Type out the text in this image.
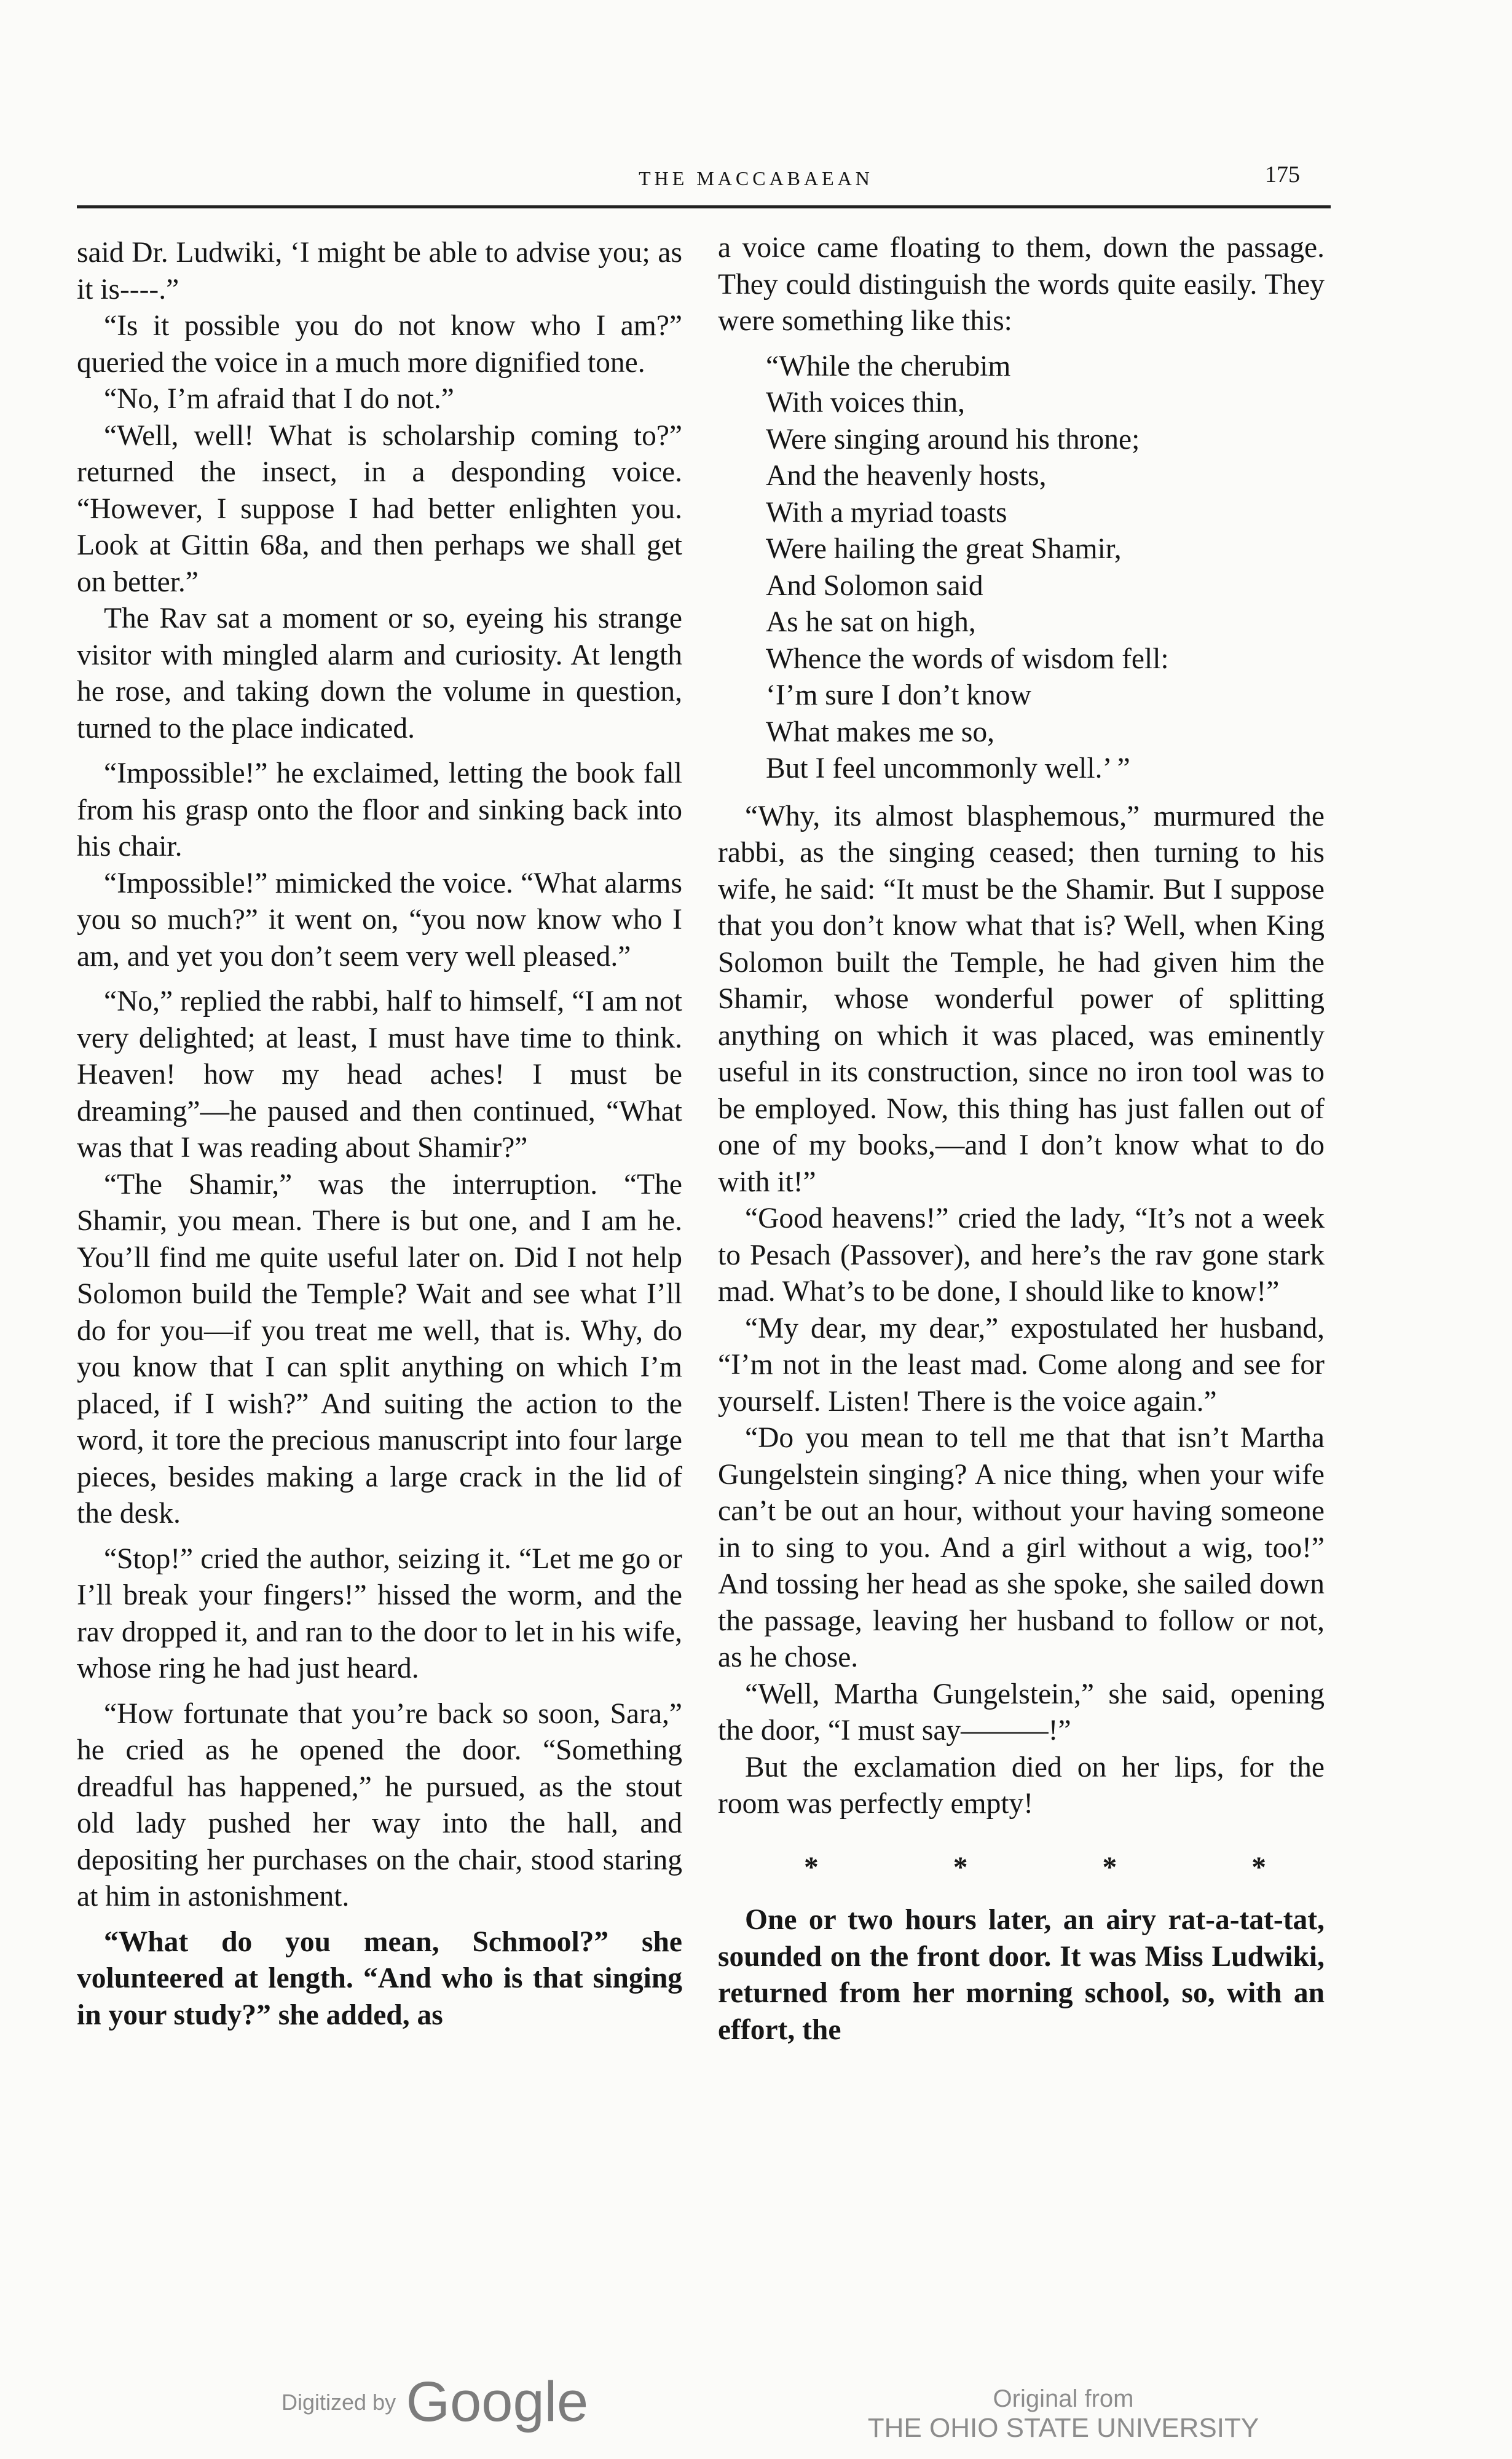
THE MACCABAEAN	175

said Dr. Ludwiki, ‘I might be able to advise you; as it is----.”

“Is it possible you do not know who I am?” queried the voice in a much more dignified tone.

“No, I’m afraid that I do not.”

“Well, well! What is scholarship coming to?” returned the insect, in a desponding voice. “However, I suppose I had better enlighten you. Look at Gittin 68a, and then perhaps we shall get on better.”

The Rav sat a moment or so, eyeing his strange visitor with mingled alarm and curiosity. At length he rose, and taking down the volume in question, turned to the place indicated.

“Impossible!” he exclaimed, letting the book fall from his grasp onto the floor and sinking back into his chair.

“Impossible!” mimicked the voice. “What alarms you so much?” it went on, “you now know who I am, and yet you don’t seem very well pleased.”

“No,” replied the rabbi, half to himself, “I am not very delighted; at least, I must have time to think. Heaven! how my head aches! I must be dreaming”—he paused and then continued, “What was that I was reading about Shamir?”

“The Shamir,” was the interruption. “The Shamir, you mean. There is but one, and I am he. You’ll find me quite useful later on. Did I not help Solomon build the Temple? Wait and see what I’ll do for you—if you treat me well, that is. Why, do you know that I can split anything on which I’m placed, if I wish?” And suiting the action to the word, it tore the precious manuscript into four large pieces, besides making a large crack in the lid of the desk.

“Stop!” cried the author, seizing it. “Let me go or I’ll break your fingers!” hissed the worm, and the rav dropped it, and ran to the door to let in his wife, whose ring he had just heard.

“How fortunate that you’re back so soon, Sara,” he cried as he opened the door. “Something dreadful has happened,” he pursued, as the stout old lady pushed her way into the hall, and depositing her purchases on the chair, stood staring at him in astonishment.

“What do you mean, Schmool?” she volunteered at length. “And who is that singing in your study?” she added, as

a voice came floating to them, down the passage. They could distinguish the words quite easily. They were something like this:

“While the cherubim
With voices thin,
Were singing around his throne;
And the heavenly hosts,
With a myriad toasts
Were hailing the great Shamir,
And Solomon said
As he sat on high,
Whence the words of wisdom fell:
‘I’m sure I don’t know
What makes me so,
But I feel uncommonly well.’ ”

“Why, its almost blasphemous,” murmured the rabbi, as the singing ceased; then turning to his wife, he said: “It must be the Shamir. But I suppose that you don’t know what that is? Well, when King Solomon built the Temple, he had given him the Shamir, whose wonderful power of splitting anything on which it was placed, was eminently useful in its construction, since no iron tool was to be employed. Now, this thing has just fallen out of one of my books,—and I don’t know what to do with it!”

“Good heavens!” cried the lady, “It’s not a week to Pesach (Passover), and here’s the rav gone stark mad. What’s to be done, I should like to know!”

“My dear, my dear,” expostulated her husband, “I’m not in the least mad. Come along and see for yourself. Listen! There is the voice again.”

“Do you mean to tell me that that isn’t Martha Gungelstein singing? A nice thing, when your wife can’t be out an hour, without your having someone in to sing to you. And a girl without a wig, too!” And tossing her head as she spoke, she sailed down the passage, leaving her husband to follow or not, as he chose.

“Well, Martha Gungelstein,” she said, opening the door, “I must say———!”

But the exclamation died on her lips, for the room was perfectly empty!

*	*	*	*

One or two hours later, an airy rat-a-tat-tat, sounded on the front door. It was Miss Ludwiki, returned from her morning school, so, with an effort, the

Digitized by Google	Original from
THE OHIO STATE UNIVERSITY
